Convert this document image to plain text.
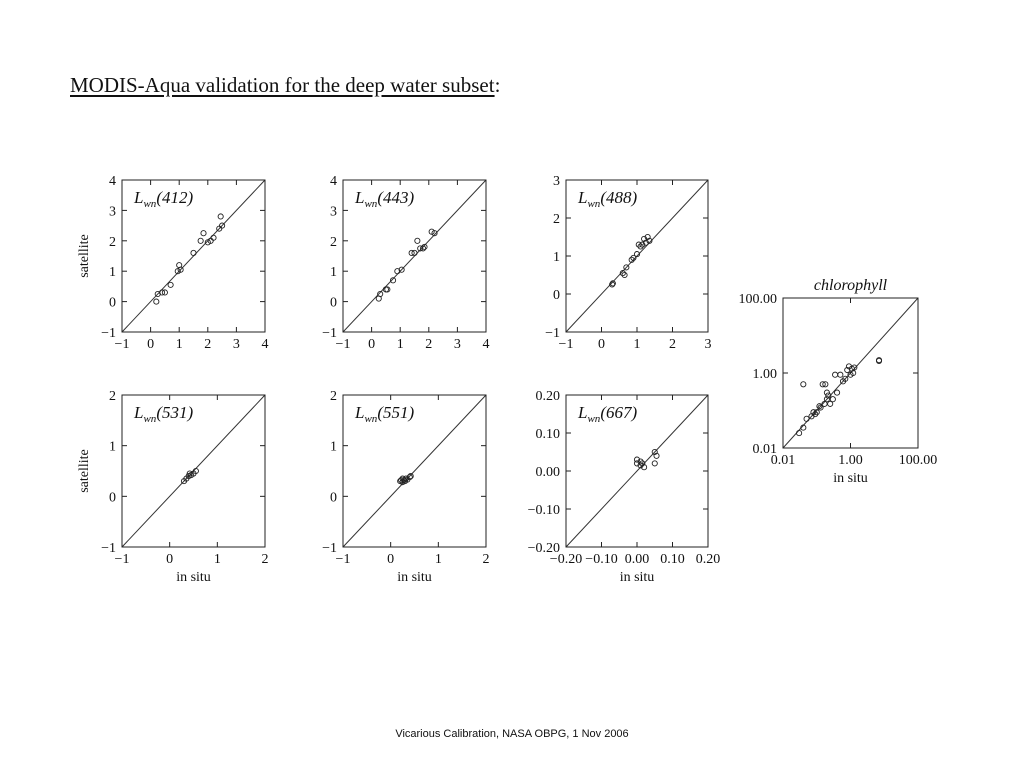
MODIS-Aqua validation for the deep water subset:
−1 0 1 2 3 4
−1
0
1
2
3
4
$L_{wn}(412)$
satellite
−1 0 1 2 3 4
−1
0
1
2
3
4
$L_{wn}(443)$
−1 0 1 2 3
−1
0
1
2
3
$L_{wn}(488)$
−1	0	1	2
−1
0
1
2
$L_{wn}(531)$
in situ
satellite
−1	0	1	2
−1
0
1
2
$L_{wn}(551)$
in situ
−0.20 −0.10 0.00 0.10 0.20
−0.20
−0.10
0.00
0.10
0.20
$L_{wn}(667)$
in situ
0.01	1.00	100.00
0.01
1.00
100.00
chlorophyll
in situ
Vicarious Calibration, NASA OBPG, 1 Nov 2006
